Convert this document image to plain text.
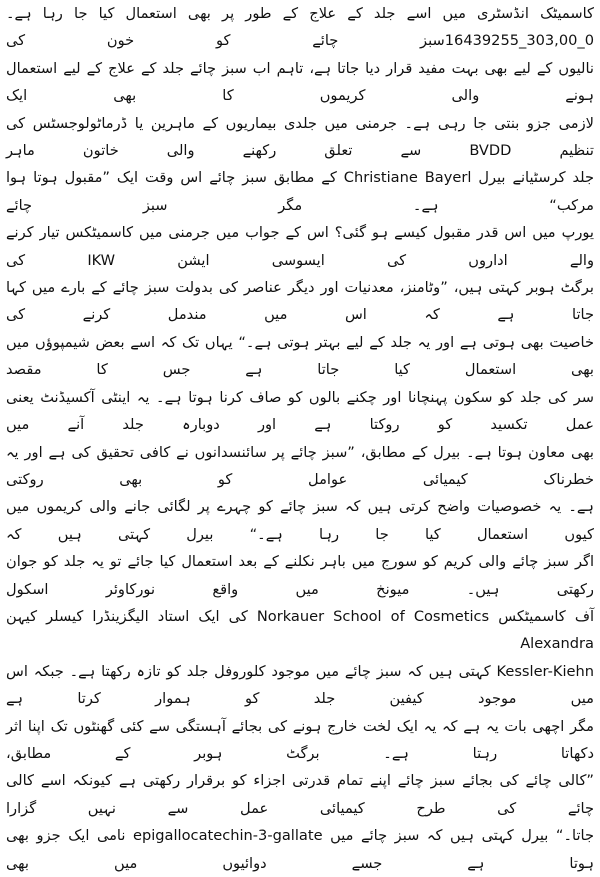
کاسمیٹک انڈسٹری میں اسے جلد کے علاج کے طور پر بھی استعمال کیا جا رہا ہے۔0_303,00_16439255سبز چائے کو خون کی

نالیوں کے لیے بھی بہت مفید قرار دیا جاتا ہے، تاہم اب سبز چائے جلد کے علاج کے لیے استعمال ہونے والی کریموں کا بھی ایک

لازمی جزو بنتی جا رہی ہے۔ جرمنی میں جلدی بیماریوں کے ماہرین یا ڈرماٹولوجسٹس کی تنظیم BVDD سے تعلق رکھنے والی خاتون ماہر

جلد کرسٹیانے بیرل Christiane Bayerl کے مطابق سبز چائے اس وقت ایک ”مقبول ہوتا ہوا مرکب“ ہے۔ مگر سبز چائے

یورپ میں اس قدر مقبول کیسے ہو گئی؟ اس کے جواب میں جرمنی میں کاسمیٹکس تیار کرنے والے اداروں کی ایسوسی ایشن IKW کی

برگٹ ہوبر کہتی ہیں، ”وٹامنز، معدنیات اور دیگر عناصر کی بدولت سبز چائے کے بارے میں کہا جاتا ہے کہ اس میں مندمل کرنے کی

خاصیت بھی ہوتی ہے اور یہ جلد کے لیے بہتر ہوتی ہے۔“ یہاں تک کہ اسے بعض شیمپوؤں میں بھی استعمال کیا جاتا ہے جس کا مقصد

سر کی جلد کو سکون پہنچانا اور چکنے بالوں کو صاف کرنا ہوتا ہے۔ یہ اینٹی آکسیڈنٹ یعنی عمل تکسید کو روکتا ہے اور دوبارہ جلد آنے میں

بھی معاون ہوتا ہے۔ بیرل کے مطابق، ”سبز چائے پر سائنسدانوں نے کافی تحقیق کی ہے اور یہ خطرناک کیمیائی عوامل کو بھی روکتی

ہے۔ یہ خصوصیات واضح کرتی ہیں کہ سبز چائے کو چہرے پر لگائی جانے والی کریموں میں کیوں استعمال کیا جا رہا ہے۔“ بیرل کہتی ہیں کہ

اگر سبز چائے والی کریم کو سورج میں باہر نکلنے کے بعد استعمال کیا جائے تو یہ جلد کو جوان رکھتی ہیں۔ میونخ میں واقع نورکاوئر اسکول

آف کاسمیٹکس Norkauer School of Cosmetics کی ایک استاد الیگزینڈرا کیسلر کیہن Alexandra

Kessler-Kiehn کہتی ہیں کہ سبز چائے میں موجود کلوروفل جلد کو تازہ رکھتا ہے۔ جبکہ اس میں موجود کیفین جلد کو ہموار کرتا ہے

مگر اچھی بات یہ ہے کہ یہ ایک لخت خارج ہونے کی بجائے آہستگی سے کئی گھنٹوں تک اپنا اثر دکھاتا رہتا ہے۔ برگٹ ہوبر کے مطابق،

”کالی چائے کی بجائے سبز چائے اپنے تمام قدرتی اجزاء کو برقرار رکھتی ہے کیونکہ اسے کالی چائے کی طرح کیمیائی عمل سے نہیں گزارا

جاتا۔“ بیرل کہتی ہیں کہ سبز چائے میں epigallocatechin-3-gallate نامی ایک جزو بھی ہوتا ہے جسے دوائیوں میں بھی
